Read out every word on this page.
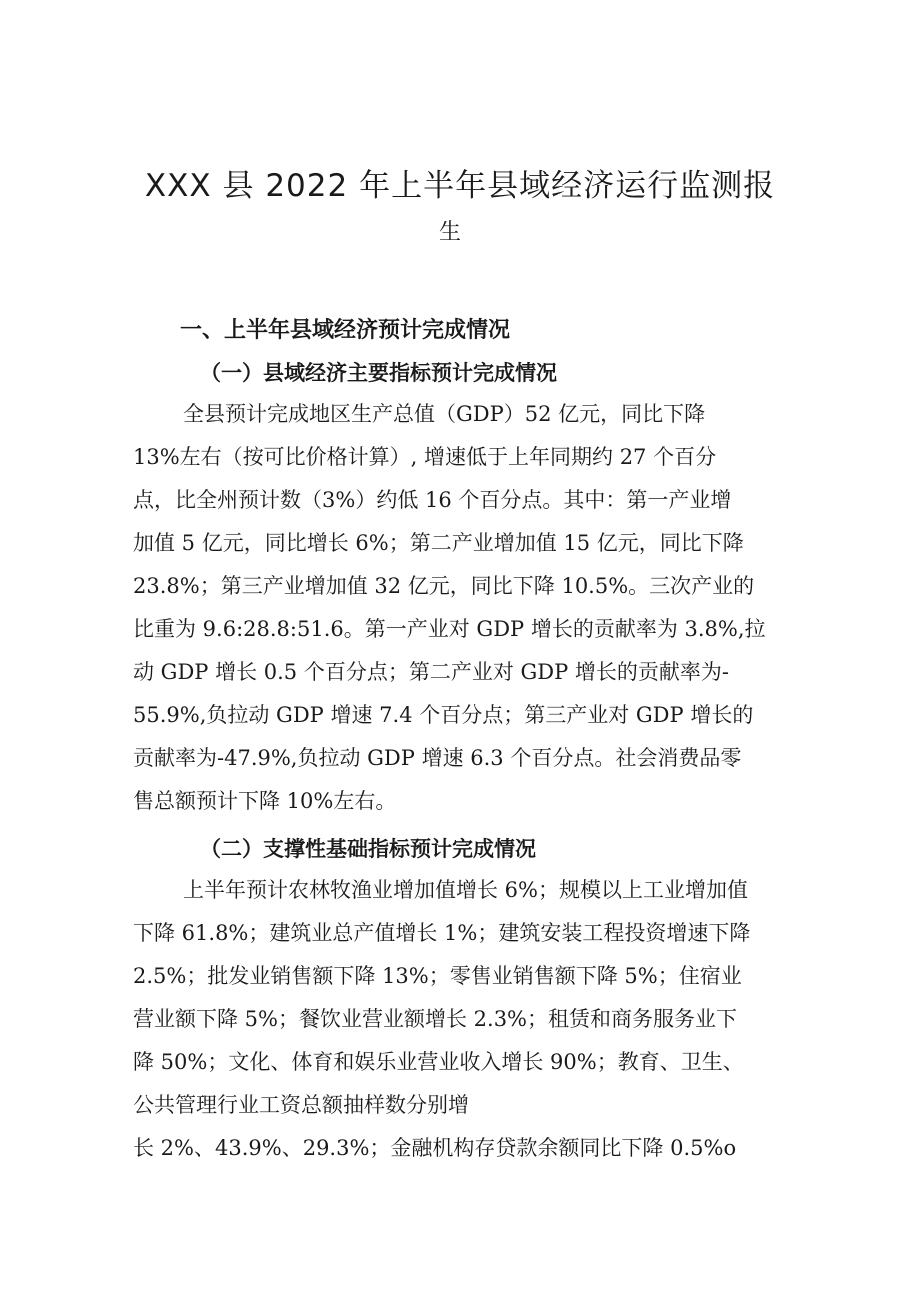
XXX 县 2022 年上半年县域经济运行监测报
生
一、上半年县域经济预计完成情况
（一）县域经济主要指标预计完成情况
全县预计完成地区生产总值（GDP）52 亿元，同比下降
13%左右（按可比价格计算）, 增速低于上年同期约 27 个百分
点，比全州预计数（3%）约低 16 个百分点。其中：第一产业增
加值 5 亿元，同比增长 6%；第二产业增加值 15 亿元，同比下降
23.8%；第三产业增加值 32 亿元，同比下降 10.5%。三次产业的
比重为 9.6:28.8:51.6。第一产业对 GDP 增长的贡献率为 3.8%,拉
动 GDP 增长 0.5 个百分点；第二产业对 GDP 增长的贡献率为-
55.9%,负拉动 GDP 增速 7.4 个百分点；第三产业对 GDP 增长的
贡献率为-47.9%,负拉动 GDP 增速 6.3 个百分点。社会消费品零
售总额预计下降 10%左右。
（二）支撑性基础指标预计完成情况
上半年预计农林牧渔业增加值增长 6%；规模以上工业增加值
下降 61.8%；建筑业总产值增长 1%；建筑安装工程投资增速下降
2.5%；批发业销售额下降 13%；零售业销售额下降 5%；住宿业
营业额下降 5%；餐饮业营业额增长 2.3%；租赁和商务服务业下
降 50%；文化、体育和娱乐业营业收入增长 90%；教育、卫生、
公共管理行业工资总额抽样数分别增
长 2%、43.9%、29.3%；金融机构存贷款余额同比下降 0.5%o
